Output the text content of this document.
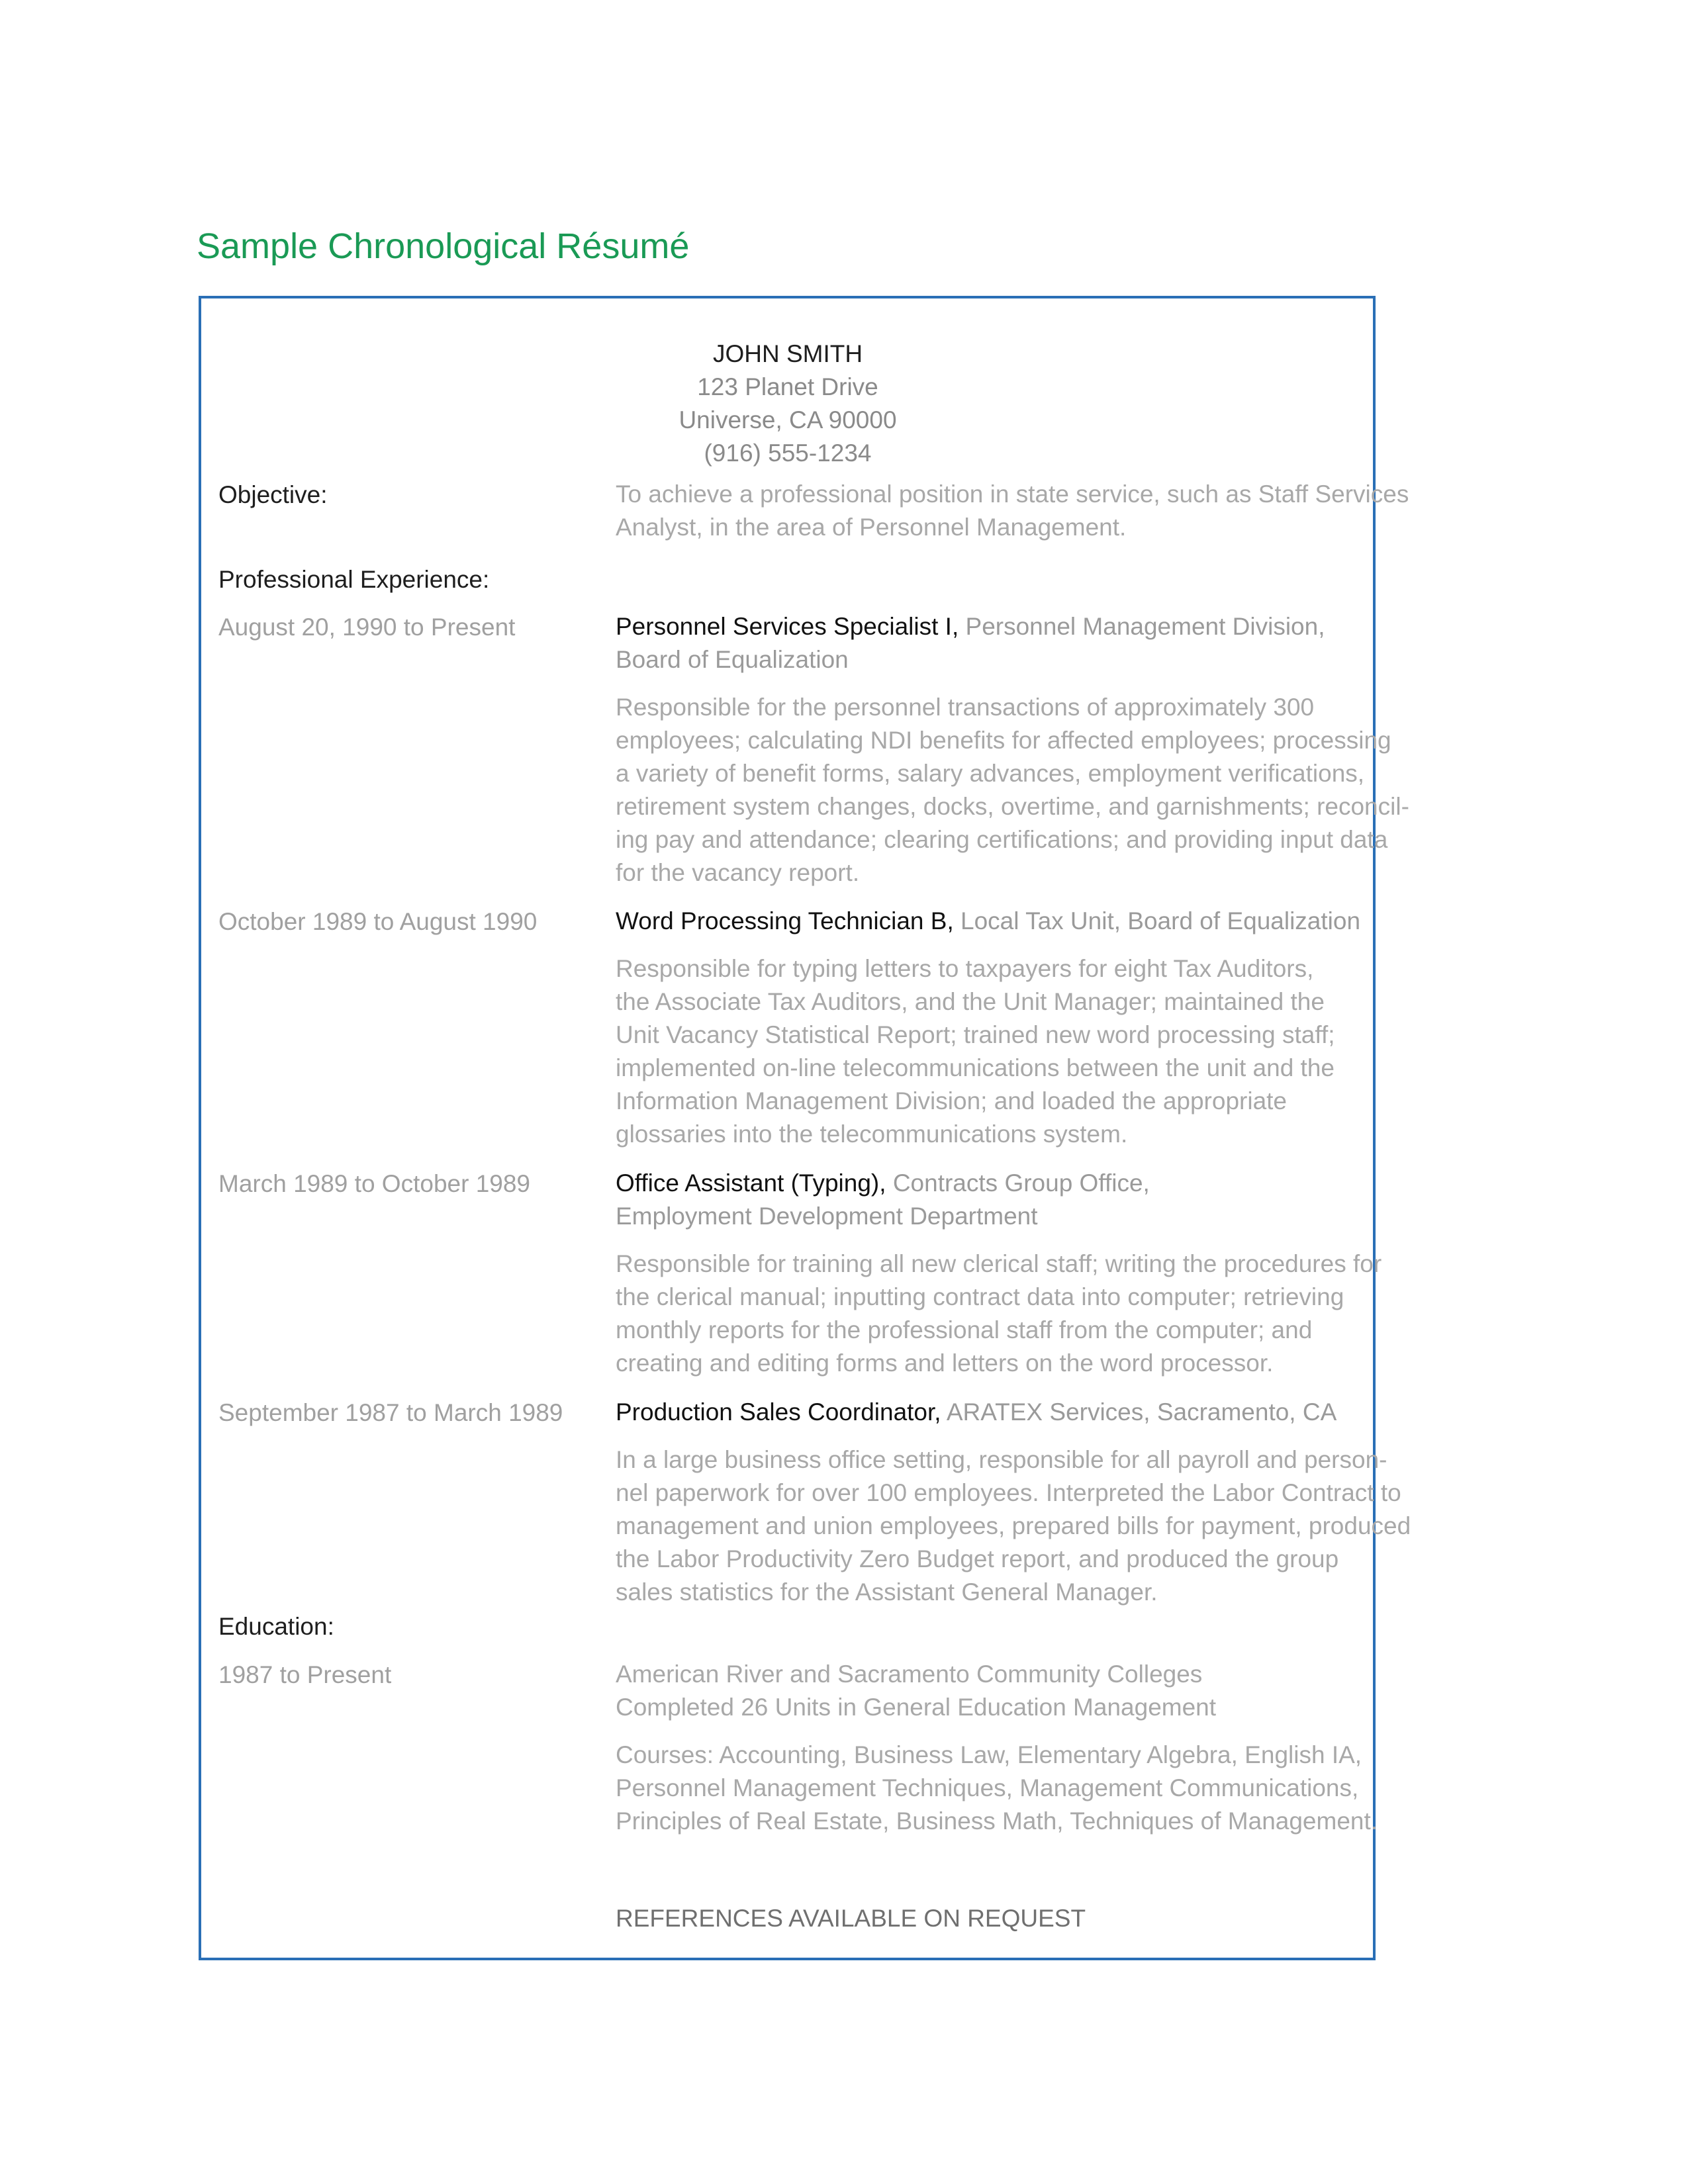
Sample Chronological Résumé
JOHN SMITH
123 Planet Drive
Universe, CA 90000
(916) 555-1234
Objective:	To achieve a professional position in state service, such as Staff Services
Analyst, in the area of Personnel Management.
Professional Experience:
August 20, 1990 to Present	Personnel Services Specialist I, Personnel Management Division,
Board of Equalization
Responsible for the personnel transactions of approximately 300
employees; calculating NDI benefits for affected employees; processing
a variety of benefit forms, salary advances, employment verifications,
retirement system changes, docks, overtime, and garnishments; reconcil-
ing pay and attendance; clearing certifications; and providing input data
for the vacancy report.
October 1989 to August 1990	Word Processing Technician B, Local Tax Unit, Board of Equalization
Responsible for typing letters to taxpayers for eight Tax Auditors,
the Associate Tax Auditors, and the Unit Manager; maintained the
Unit Vacancy Statistical Report; trained new word processing staff;
implemented on-line telecommunications between the unit and the
Information Management Division; and loaded the appropriate
glossaries into the telecommunications system.
March 1989 to October 1989	Office Assistant (Typing), Contracts Group Office,
Employment Development Department
Responsible for training all new clerical staff; writing the procedures for
the clerical manual; inputting contract data into computer; retrieving
monthly reports for the professional staff from the computer; and
creating and editing forms and letters on the word processor.
September 1987 to March 1989 Production Sales Coordinator, ARATEX Services, Sacramento, CA
In a large business office setting, responsible for all payroll and person-
nel paperwork for over 100 employees. Interpreted the Labor Contract to
management and union employees, prepared bills for payment, produced
the Labor Productivity Zero Budget report, and produced the group
sales statistics for the Assistant General Manager.
Education:
1987 to Present	American River and Sacramento Community Colleges
Completed 26 Units in General Education Management
Courses: Accounting, Business Law, Elementary Algebra, English IA,
Personnel Management Techniques, Management Communications,
Principles of Real Estate, Business Math, Techniques of Management.
REFERENCES AVAILABLE ON REQUEST
